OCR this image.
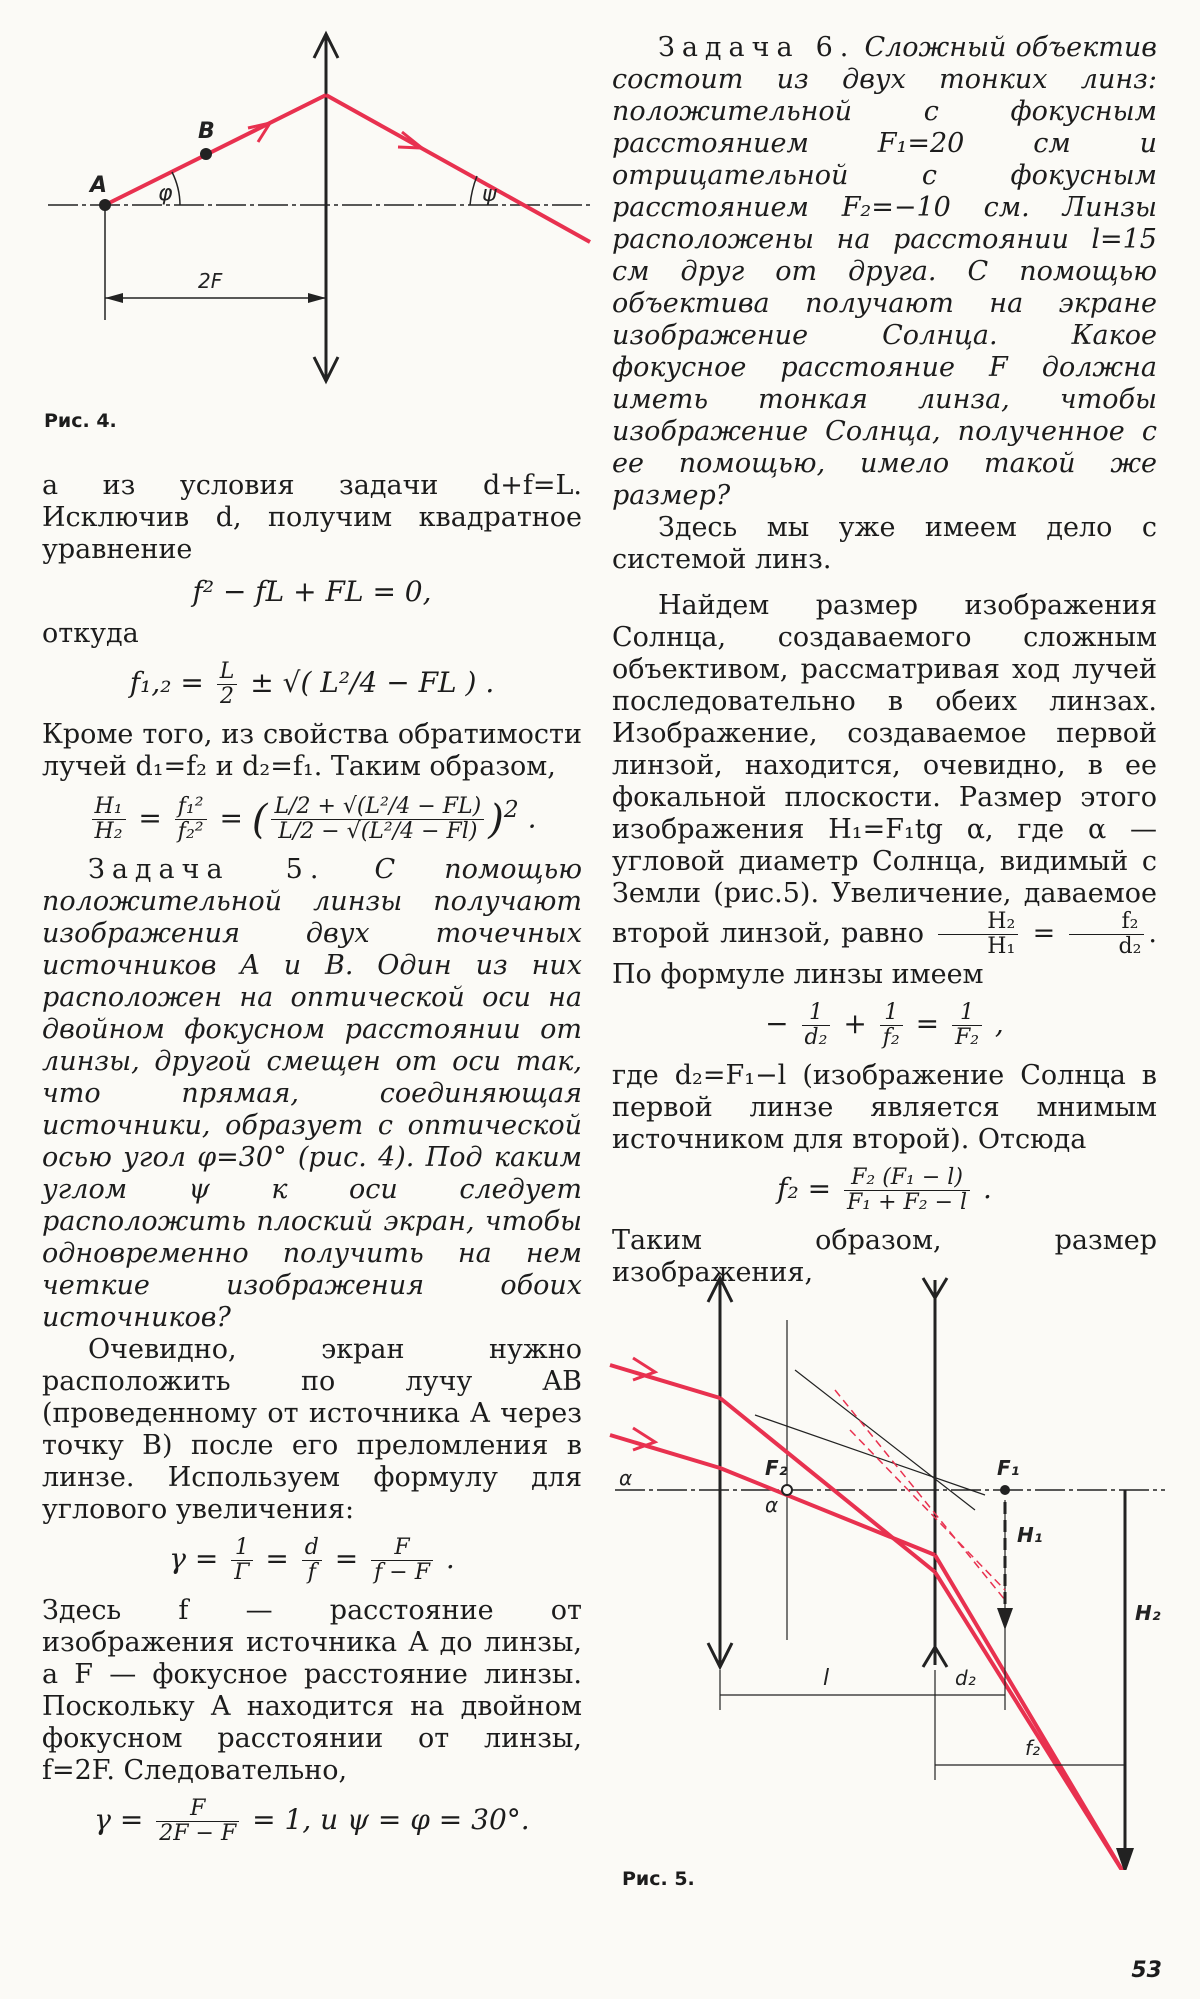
A
B
φ	ψ
2F
Рис. 4.

а из условия задачи d+f=L. Исключив d, получим квадратное уравнение

f² − fL + FL = 0,

откуда

$f_1,_2 = \frac{L}{2}$ ± √( L²/4 − FL ) .

Кроме того, из свойства обратимости лучей d₁=f₂ и d₂=f₁. Таким образом,

$\frac{\text{H₁}}{\text{H₂}} = \frac{\text{f₁²}}{\text{f₂²}}$ = ( $\frac{\text{L/2 + √(L²/4 − FL)}}{\text{L/2 − √(L²/4 − Fl)}} )^2$ .

Задача 5. С помощью положительной линзы получают изображения двух точечных источников A и B. Один из них расположен на оптической оси на двойном фокусном расстоянии от линзы, другой смещен от оси так, что прямая, соединяющая источники, образует с оптической осью угол φ=30° (рис. 4). Под каким углом ψ к оси следует расположить плоский экран, чтобы одновременно получить на нем четкие изображения обоих источников?

Очевидно, экран нужно расположить по лучу AB (проведенному от источника A через точку B) после его преломления в линзе. Используем формулу для углового увеличения:

$\gamma = \frac{1}{\Gamma} = \frac{d}{f} = \frac{F}{f - F}$ .

Здесь f — расстояние от изображения источника A до линзы, а F — фокусное расстояние линзы. Поскольку A находится на двойном фокусном расстоянии от линзы, f=2F. Следовательно,

$\gamma = \frac{F}{2F - F} = 1$, и ψ = φ = 30°.

Задача 6. Сложный объектив состоит из двух тонких линз: положительной с фокусным расстоянием F₁=20 см и отрицательной с фокусным расстоянием F₂=−10 см. Линзы расположены на расстоянии l=15 см друг от друга. С помощью объектива получают на экране изображение Солнца. Какое фокусное расстояние F должна иметь тонкая линза, чтобы изображение Солнца, полученное с ее помощью, имело такой же размер?

Здесь мы уже имеем дело с системой линз.

Найдем размер изображения Солнца, создаваемого сложным объективом, рассматривая ход лучей последовательно в обеих линзах. Изображение, создаваемое первой линзой, находится, очевидно, в ее фокальной плоскости. Размер этого изображения H₁=F₁tg α, где α — угловой диаметр Солнца, видимый с Земли (рис.5). Увеличение, даваемое второй линзой, равно $\frac{\text{H₂}}{\text{H₁}} = \frac{\text{f₂}}{\text{d₂}}$ . По формуле линзы имеем

− $\frac{1}{\text{d₂}} + \frac{1}{\text{f₂}} = \frac{1}{\text{F₂}}$ ,

где d₂=F₁−l (изображение Солнца в первой линзе является мнимым источником для второй). Отсюда

$f_2 = \frac{\text{F₂ (F₁ − l)}}{\text{F₁ + F₂ − l}}$ .

Таким образом, размер изображения,

α
α
F₂	F₁
H₁
H₂
l	d₂
f₂
Рис. 5.
53
